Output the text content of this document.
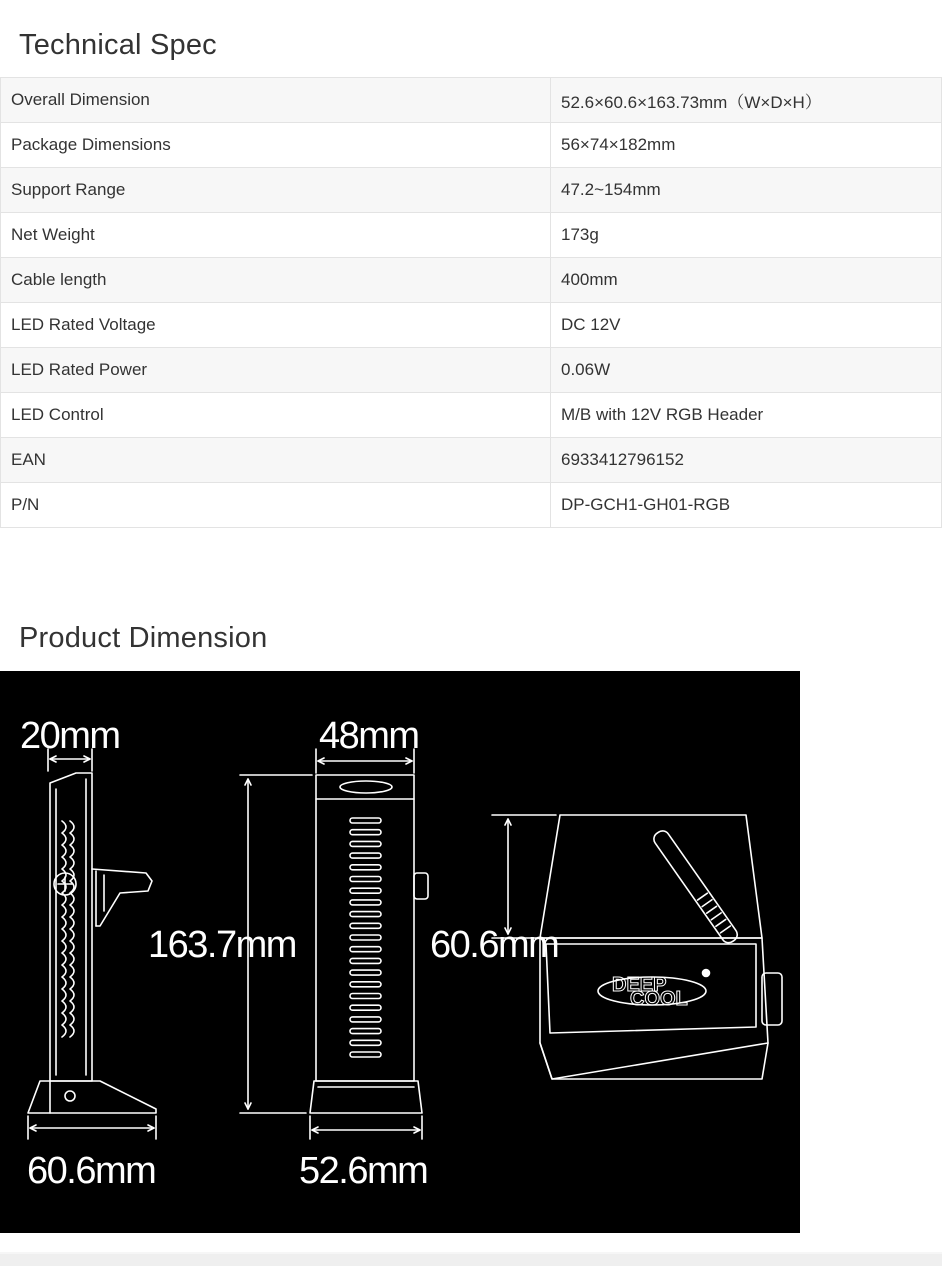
Technical Spec
Overall Dimension	52.6×60.6×163.73mm（W×D×H）
Package Dimensions	56×74×182mm
Support Range	47.2~154mm
Net Weight	173g
Cable length	400mm
LED Rated Voltage	DC 12V
LED Rated Power	0.06W
LED Control	M/B with 12V RGB Header
EAN	6933412796152
P/N	DP-GCH1-GH01-RGB
Product Dimension
DEEP
COOL
20mm	48mm
163.7mm	60.6mm
60.6mm	52.6mm
